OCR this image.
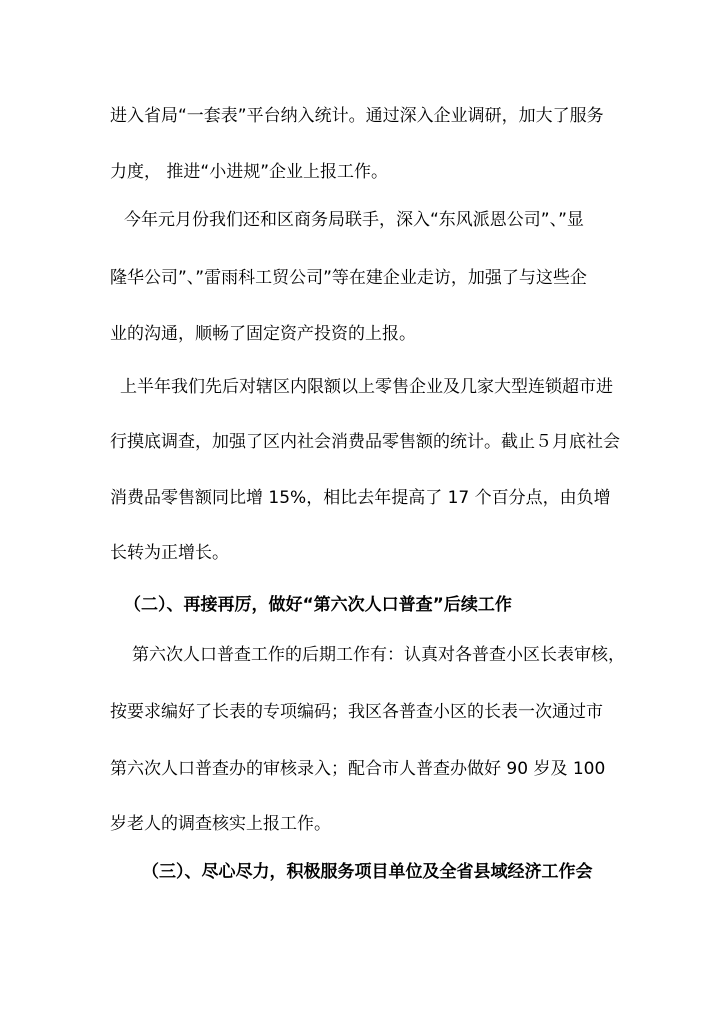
进入省局“一套表”平台纳入统计。通过深入企业调研，加大了服务
力度， 推进“小进规”企业上报工作。
今年元月份我们还和区商务局联手，深入“东风派恩公司”、”显
隆华公司”、”雷雨科工贸公司”等在建企业走访，加强了与这些企
业的沟通，顺畅了固定资产投资的上报。
上半年我们先后对辖区内限额以上零售企业及几家大型连锁超市进
行摸底调查，加强了区内社会消费品零售额的统计。截止５月底社会
消费品零售额同比增 15%，相比去年提高了 17 个百分点，由负增
长转为正增长。
（二）、再接再厉，做好“第六次人口普查”后续工作
第六次人口普查工作的后期工作有：认真对各普查小区长表审核，
按要求编好了长表的专项编码；我区各普查小区的长表一次通过市
第六次人口普查办的审核录入；配合市人普查办做好 90 岁及 100
岁老人的调查核实上报工作。
（三）、尽心尽力，积极服务项目单位及全省县域经济工作会
